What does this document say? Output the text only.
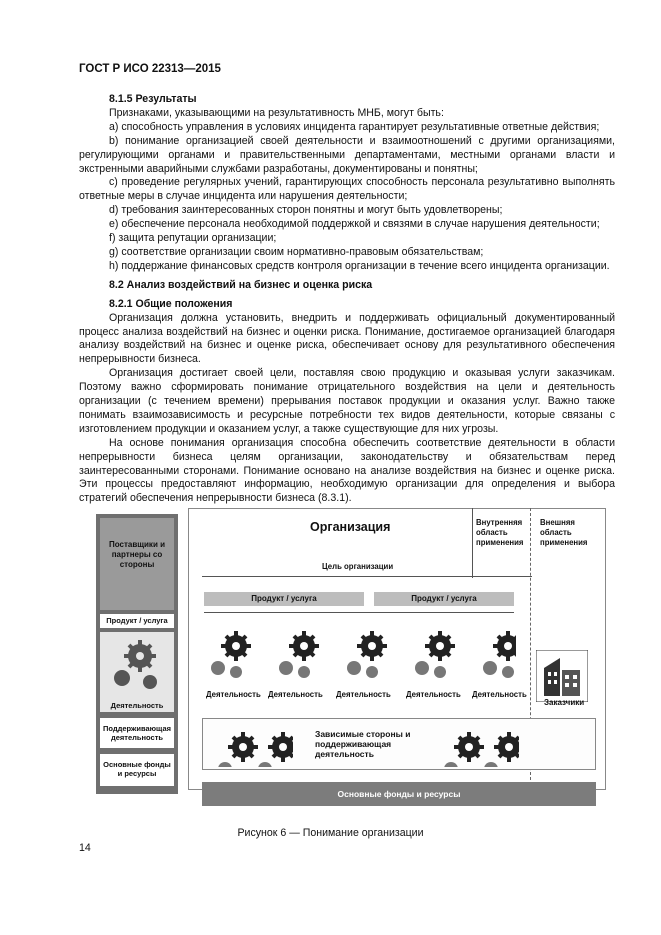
ГОСТ Р ИСО 22313—2015

8.1.5 Результаты

Признаками, указывающими на результативность МНБ, могут быть:

a) способность управления в условиях инцидента гарантирует результативные ответные действия;

b) понимание организацией своей деятельности и взаимоотношений с другими организациями, регулирующими органами и правительственными департаментами, местными органами власти и экстренными аварийными службами разработаны, документированы и понятны;

c) проведение регулярных учений, гарантирующих способность персонала результативно выполнять ответные меры в случае инцидента или нарушения деятельности;

d) требования заинтересованных сторон понятны и могут быть удовлетворены;

e) обеспечение персонала необходимой поддержкой и связями в случае нарушения деятельности;

f) защита репутации организации;

g) соответствие организации своим нормативно-правовым обязательствам;

h) поддержание финансовых средств контроля организации в течение всего инцидента организации.

8.2 Анализ воздействий на бизнес и оценка риска

8.2.1 Общие положения

Организация должна установить, внедрить и поддерживать официальный документированный процесс анализа воздействий на бизнес и оценки риска. Понимание, достигаемое организацией благодаря анализу воздействий на бизнес и оценке риска, обеспечивает основу для результативного обеспечения непрерывности бизнеса.

Организация достигает своей цели, поставляя свою продукцию и оказывая услуги заказчикам. Поэтому важно сформировать понимание отрицательного воздействия на цели и деятельность организации (с течением времени) прерывания поставок продукции и оказания услуг. Важно также понимать взаимозависимость и ресурсные потребности тех видов деятельности, которые связаны с изготовлением продукции и оказанием услуг, а также существующие для них угрозы.

На основе понимания организация способна обеспечить соответствие деятельности в области непрерывности бизнеса целям организации, законодательству и обязательствам перед заинтересованными сторонами. Понимание основано на анализе воздействия на бизнес и оценке риска. Эти процессы предоставляют информацию, необходимую организации для определения и выбора стратегий обеспечения непрерывности бизнеса (8.3.1).

Поставщики и партнеры со стороны
Продукт / услуга
Деятельность
Поддерживающая деятельность
Основные фонды и ресурсы
Организация	Внутренняя область применения
Внешняя область применения
Цель организации
Продукт / услуга	Продукт / услуга
Деятельность Деятельность Деятельность Деятельность Деятельность
Заказчики
Зависимые стороны и поддерживающая деятельность
Основные фонды и ресурсы
Рисунок 6 — Понимание организации
14
